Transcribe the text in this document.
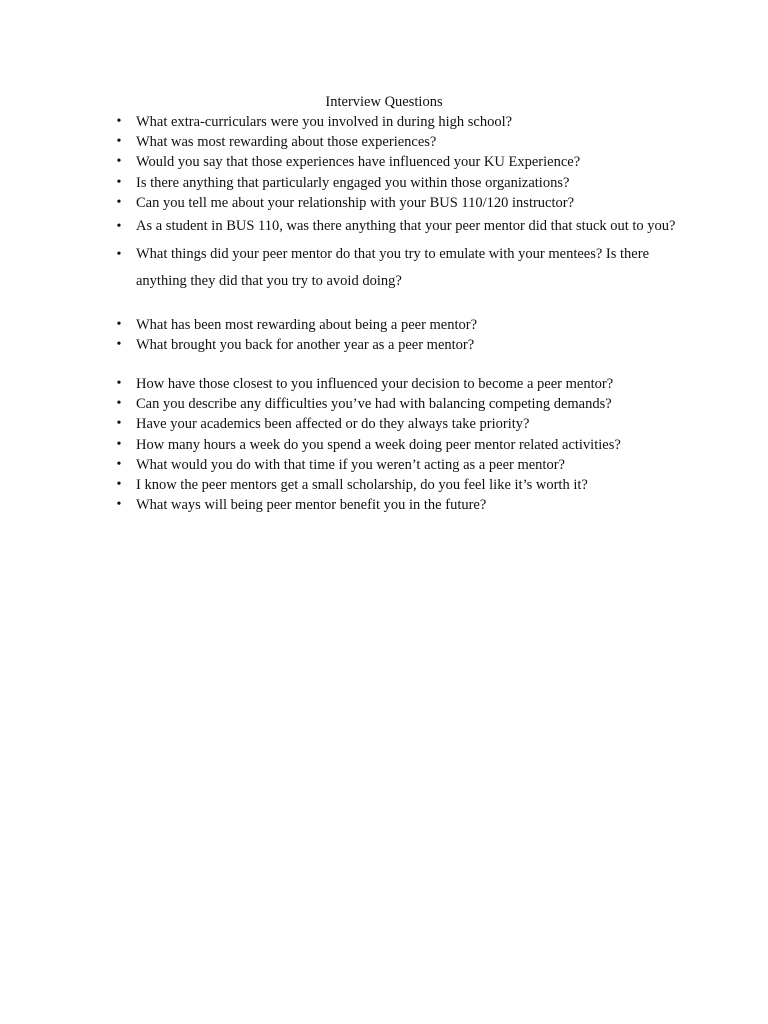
Interview Questions
•
What extra-curriculars were you involved in during high school?
•
What was most rewarding about those experiences?
•
Would you say that those experiences have influenced your KU Experience?
•
Is there anything that particularly engaged you within those organizations?
•
Can you tell me about your relationship with your BUS 110/120 instructor?
•
As a student in BUS 110, was there anything that your peer mentor did that stuck out to you?
•
What things did your peer mentor do that you try to emulate with your mentees? Is there anything they did that you try to avoid doing?
•
What has been most rewarding about being a peer mentor?
•
What brought you back for another year as a peer mentor?
•
How have those closest to you influenced your decision to become a peer mentor?
•
Can you describe any difficulties you’ve had with balancing competing demands?
•
Have your academics been affected or do they always take priority?
•
How many hours a week do you spend a week doing peer mentor related activities?
•
What would you do with that time if you weren’t acting as a peer mentor?
•
I know the peer mentors get a small scholarship, do you feel like it’s worth it?
•
What ways will being peer mentor benefit you in the future?
